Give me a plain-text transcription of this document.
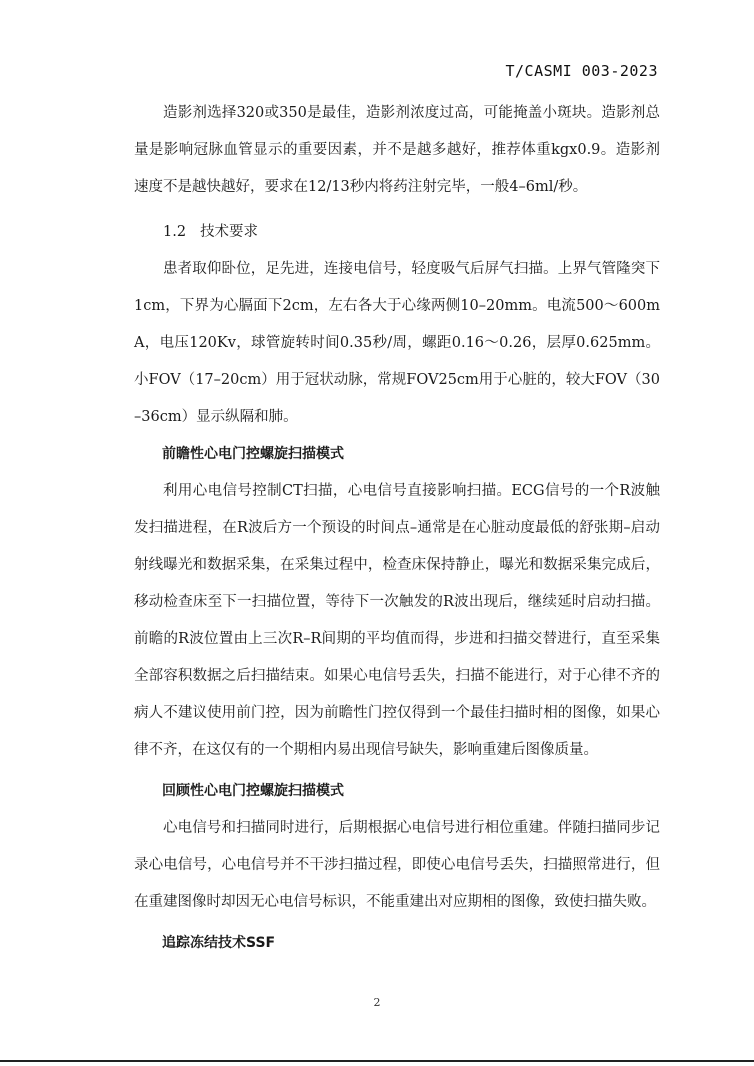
T/CASMI 003-2023

造影剂选择320或350是最佳，造影剂浓度过高，可能掩盖小斑块。造影剂总量是影响冠脉血管显示的重要因素，并不是越多越好，推荐体重kgx0.9。造影剂速度不是越快越好，要求在12/13秒内将药注射完毕，一般4–6ml/秒。

1.2 技术要求

患者取仰卧位，足先进，连接电信号，轻度吸气后屏气扫描。上界气管隆突下1cm，下界为心膈面下2cm，左右各大于心缘两侧10–20mm。电流500～600mA，电压120Kv，球管旋转时间0.35秒/周，螺距0.16～0.26，层厚0.625mm。小FOV（17–20cm）用于冠状动脉，常规FOV25cm用于心脏的，较大FOV（30–36cm）显示纵隔和肺。

前瞻性心电门控螺旋扫描模式

利用心电信号控制CT扫描，心电信号直接影响扫描。ECG信号的一个R波触发扫描进程，在R波后方一个预设的时间点–通常是在心脏动度最低的舒张期–启动射线曝光和数据采集，在采集过程中，检查床保持静止，曝光和数据采集完成后，移动检查床至下一扫描位置，等待下一次触发的R波出现后，继续延时启动扫描。前瞻的R波位置由上三次R–R间期的平均值而得，步进和扫描交替进行，直至采集全部容积数据之后扫描结束。如果心电信号丢失，扫描不能进行，对于心律不齐的病人不建议使用前门控，因为前瞻性门控仅得到一个最佳扫描时相的图像，如果心律不齐，在这仅有的一个期相内易出现信号缺失，影响重建后图像质量。

回顾性心电门控螺旋扫描模式

心电信号和扫描同时进行，后期根据心电信号进行相位重建。伴随扫描同步记录心电信号，心电信号并不干涉扫描过程，即使心电信号丢失，扫描照常进行，但在重建图像时却因无心电信号标识，不能重建出对应期相的图像，致使扫描失败。

追踪冻结技术SSF
2
